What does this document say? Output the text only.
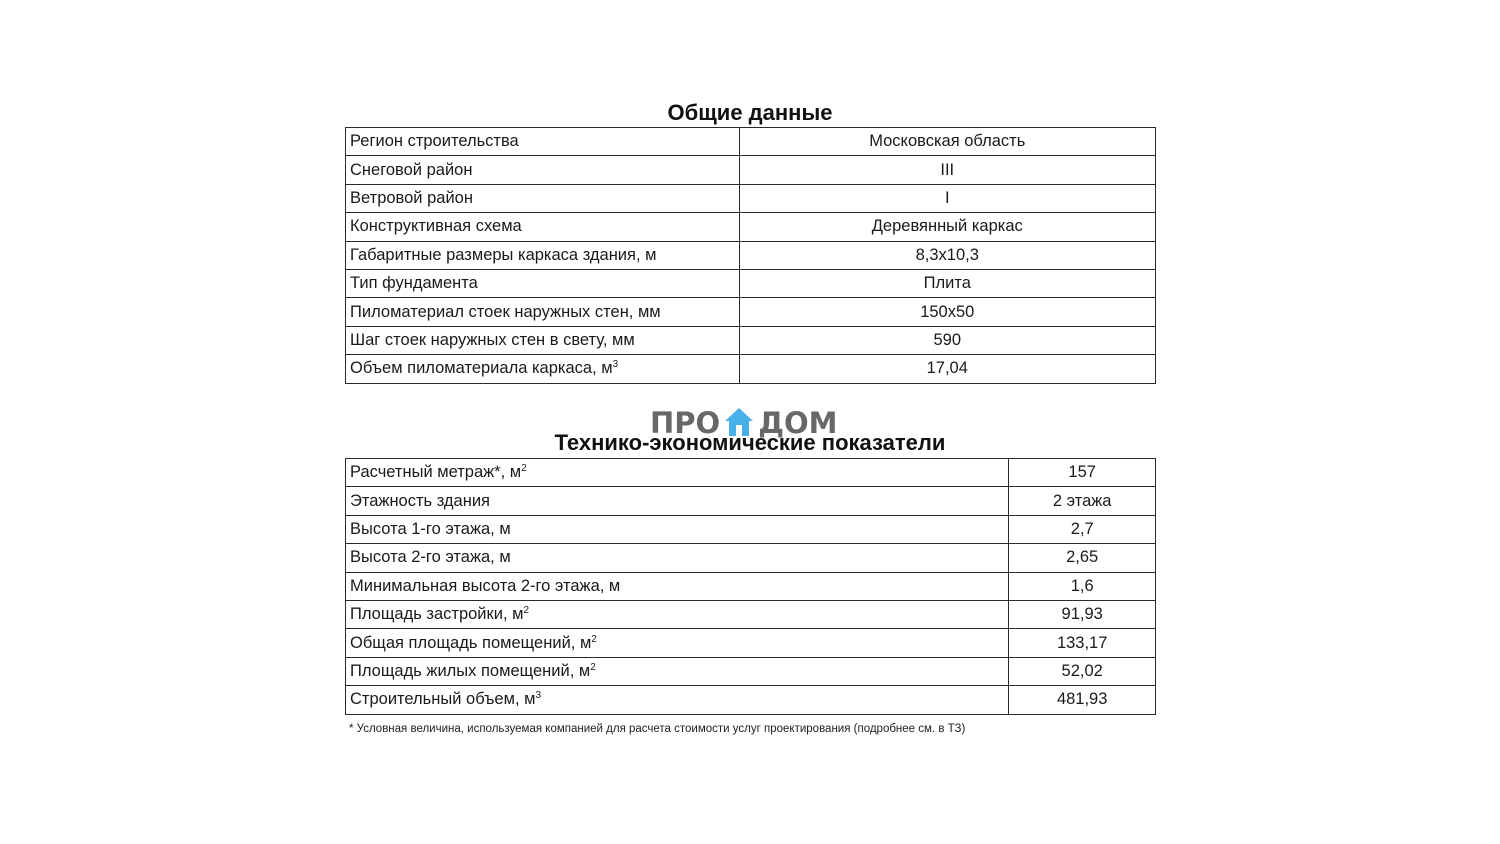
Общие данные
Регион строительства	Московская область
Снеговой район	III
Ветровой район	I
Конструктивная схема	Деревянный каркас
Габаритные размеры каркаса здания, м	8,3х10,3
Тип фундамента	Плита
Пиломатериал стоек наружных стен, мм	150х50
Шаг стоек наружных стен в свету, мм	590
Объем пиломатериала каркаса, $м^3$	17,04
ПРО ДОМ
Технико-экономические показатели
Расчетный метраж*, $м^2$	157
Этажность здания	2 этажа
Высота 1-го этажа, м	2,7
Высота 2-го этажа, м	2,65
Минимальная высота 2-го этажа, м	1,6
Площадь застройки, $м^2$	91,93
Общая площадь помещений, $м^2$	133,17
Площадь жилых помещений, $м^2$	52,02
Строительный объем, $м^3$	481,93
* Условная величина, используемая компанией для расчета стоимости услуг проектирования (подробнее см. в ТЗ)
